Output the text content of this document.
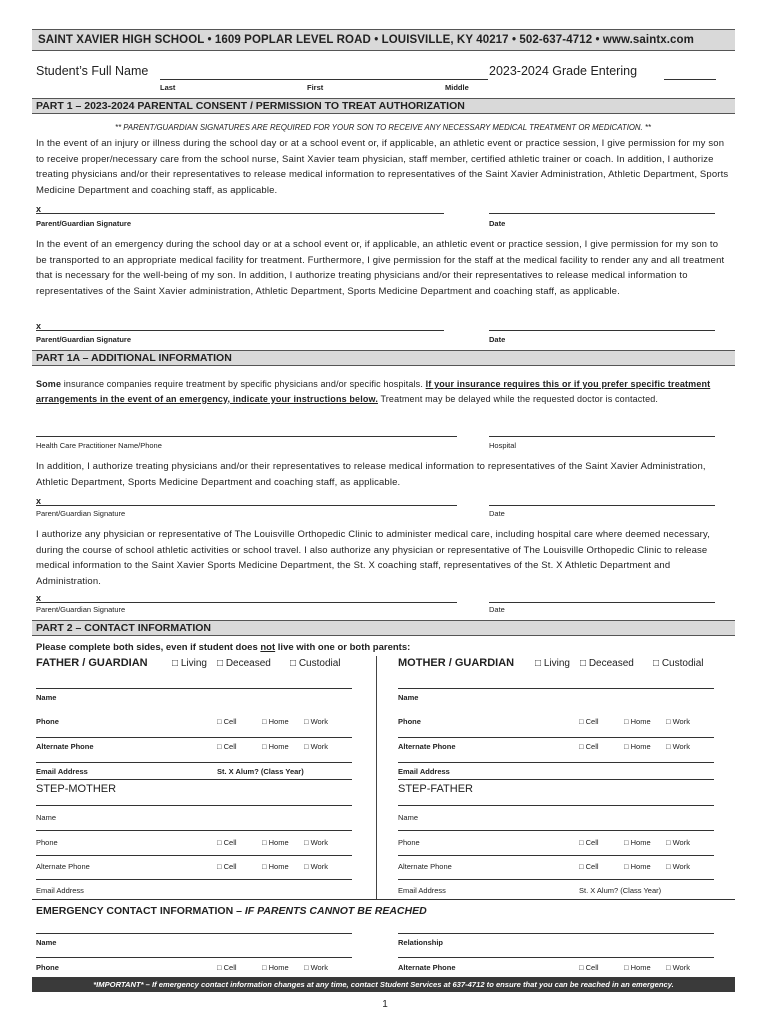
SAINT XAVIER HIGH SCHOOL • 1609 POPLAR LEVEL ROAD • LOUISVILLE, KY 40217 • 502-637-4712 • www.saintx.com
Student’s Full Name
Last	First	Middle
2023-2024 Grade Entering
PART 1 – 2023-2024 PARENTAL CONSENT / PERMISSION TO TREAT AUTHORIZATION
** PARENT/GUARDIAN SIGNATURES ARE REQUIRED FOR YOUR SON TO RECEIVE ANY NECESSARY MEDICAL TREATMENT OR MEDICATION. **
In the event of an injury or illness during the school day or at a school event or, if applicable, an athletic event or practice session, I give permission for my son to receive proper/necessary care from the school nurse, Saint Xavier team physician, staff member, certified athletic trainer or coach. In addition, I authorize treating physicians and/or their representatives to release medical information to representatives of the Saint Xavier Administration, Athletic Department, Sports Medicine Department and coaching staff, as applicable.
x
Parent/Guardian Signature	Date
In the event of an emergency during the school day or at a school event or, if applicable, an athletic event or practice session, I give permission for my son to be transported to an appropriate medical facility for treatment. Furthermore, I give permission for the staff at the medical facility to render any and all treatment that is necessary for the well-being of my son. In addition, I authorize treating physicians and/or their representatives to release medical information to representatives of the Saint Xavier administration, Athletic Department, Sports Medicine Department and coaching staff, as applicable.
x
Parent/Guardian Signature	Date
PART 1A – ADDITIONAL INFORMATION
Some insurance companies require treatment by specific physicians and/or specific hospitals. If your insurance requires this or if you prefer specific treatment arrangements in the event of an emergency, indicate your instructions below. Treatment may be delayed while the requested doctor is contacted.
Health Care Practitioner Name/Phone	Hospital
In addition, I authorize treating physicians and/or their representatives to release medical information to representatives of the Saint Xavier Administration, Athletic Department, Sports Medicine Department and coaching staff, as applicable.
x
Parent/Guardian Signature	Date
I authorize any physician or representative of The Louisville Orthopedic Clinic to administer medical care, including hospital care where deemed necessary, during the course of school athletic activities or school travel. I also authorize any physician or representative of The Louisville Orthopedic Clinic to release medical information to the Saint Xavier Sports Medicine Department, the St. X coaching staff, representatives of the St. X Athletic Department and Administration.
x
Parent/Guardian Signature	Date
PART 2 – CONTACT INFORMATION
Please complete both sides, even if student does not live with one or both parents:
FATHER / GUARDIAN □ Living □ Deceased □ Custodial
Name
Phone	□ Cell	□ Home □ Work
Alternate Phone	□ Cell	□ Home □ Work
Email Address	St. X Alum? (Class Year)
MOTHER / GUARDIAN □ Living □ Deceased □ Custodial
Name
Phone	□ Cell	□ Home □ Work
Alternate Phone	□ Cell	□ Home □ Work
Email Address
STEP-MOTHER
Name
Phone	□ Cell	□ Home □ Work
Alternate Phone	□ Cell	□ Home □ Work
Email Address
STEP-FATHER
Name
Phone	□ Cell	□ Home □ Work
Alternate Phone	□ Cell	□ Home □ Work
Email Address	St. X Alum? (Class Year)
EMERGENCY CONTACT INFORMATION – IF PARENTS CANNOT BE REACHED
Name	Relationship
Phone	□ Cell	□ Home □ Work	Alternate Phone	□ Cell	□ Home □ Work
*IMPORTANT* – If emergency contact information changes at any time, contact Student Services at 637-4712 to ensure that you can be reached in an emergency.
1
